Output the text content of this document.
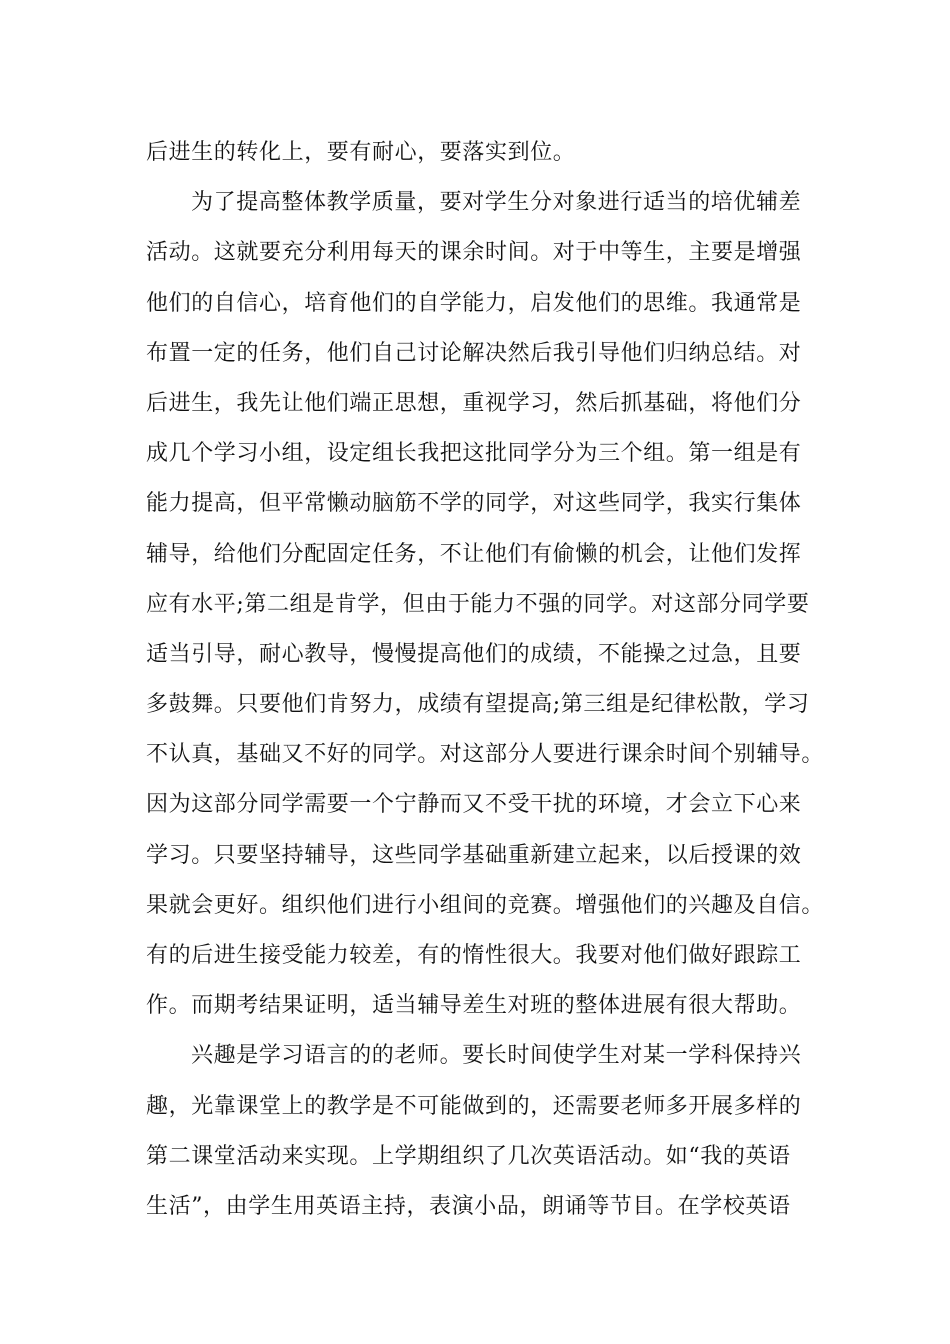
后进生的转化上，要有耐心，要落实到位。
为了提高整体教学质量，要对学生分对象进行适当的培优辅差
活动。这就要充分利用每天的课余时间。对于中等生，主要是增强
他们的自信心，培育他们的自学能力，启发他们的思维。我通常是
布置一定的任务，他们自己讨论解决然后我引导他们归纳总结。对
后进生，我先让他们端正思想，重视学习，然后抓基础，将他们分
成几个学习小组，设定组长我把这批同学分为三个组。第一组是有
能力提高，但平常懒动脑筋不学的同学，对这些同学，我实行集体
辅导，给他们分配固定任务，不让他们有偷懒的机会，让他们发挥
应有水平;第二组是肯学，但由于能力不强的同学。对这部分同学要
适当引导，耐心教导，慢慢提高他们的成绩，不能操之过急，且要
多鼓舞。只要他们肯努力，成绩有望提高;第三组是纪律松散，学习
不认真，基础又不好的同学。对这部分人要进行课余时间个别辅导。
因为这部分同学需要一个宁静而又不受干扰的环境，才会立下心来
学习。只要坚持辅导，这些同学基础重新建立起来，以后授课的效
果就会更好。组织他们进行小组间的竞赛。增强他们的兴趣及自信。
有的后进生接受能力较差，有的惰性很大。我要对他们做好跟踪工
作。而期考结果证明，适当辅导差生对班的整体进展有很大帮助。
兴趣是学习语言的的老师。要长时间使学生对某一学科保持兴
趣，光靠课堂上的教学是不可能做到的，还需要老师多开展多样的
第二课堂活动来实现。上学期组织了几次英语活动。如“我的英语
生活”，由学生用英语主持，表演小品，朗诵等节目。在学校英语
